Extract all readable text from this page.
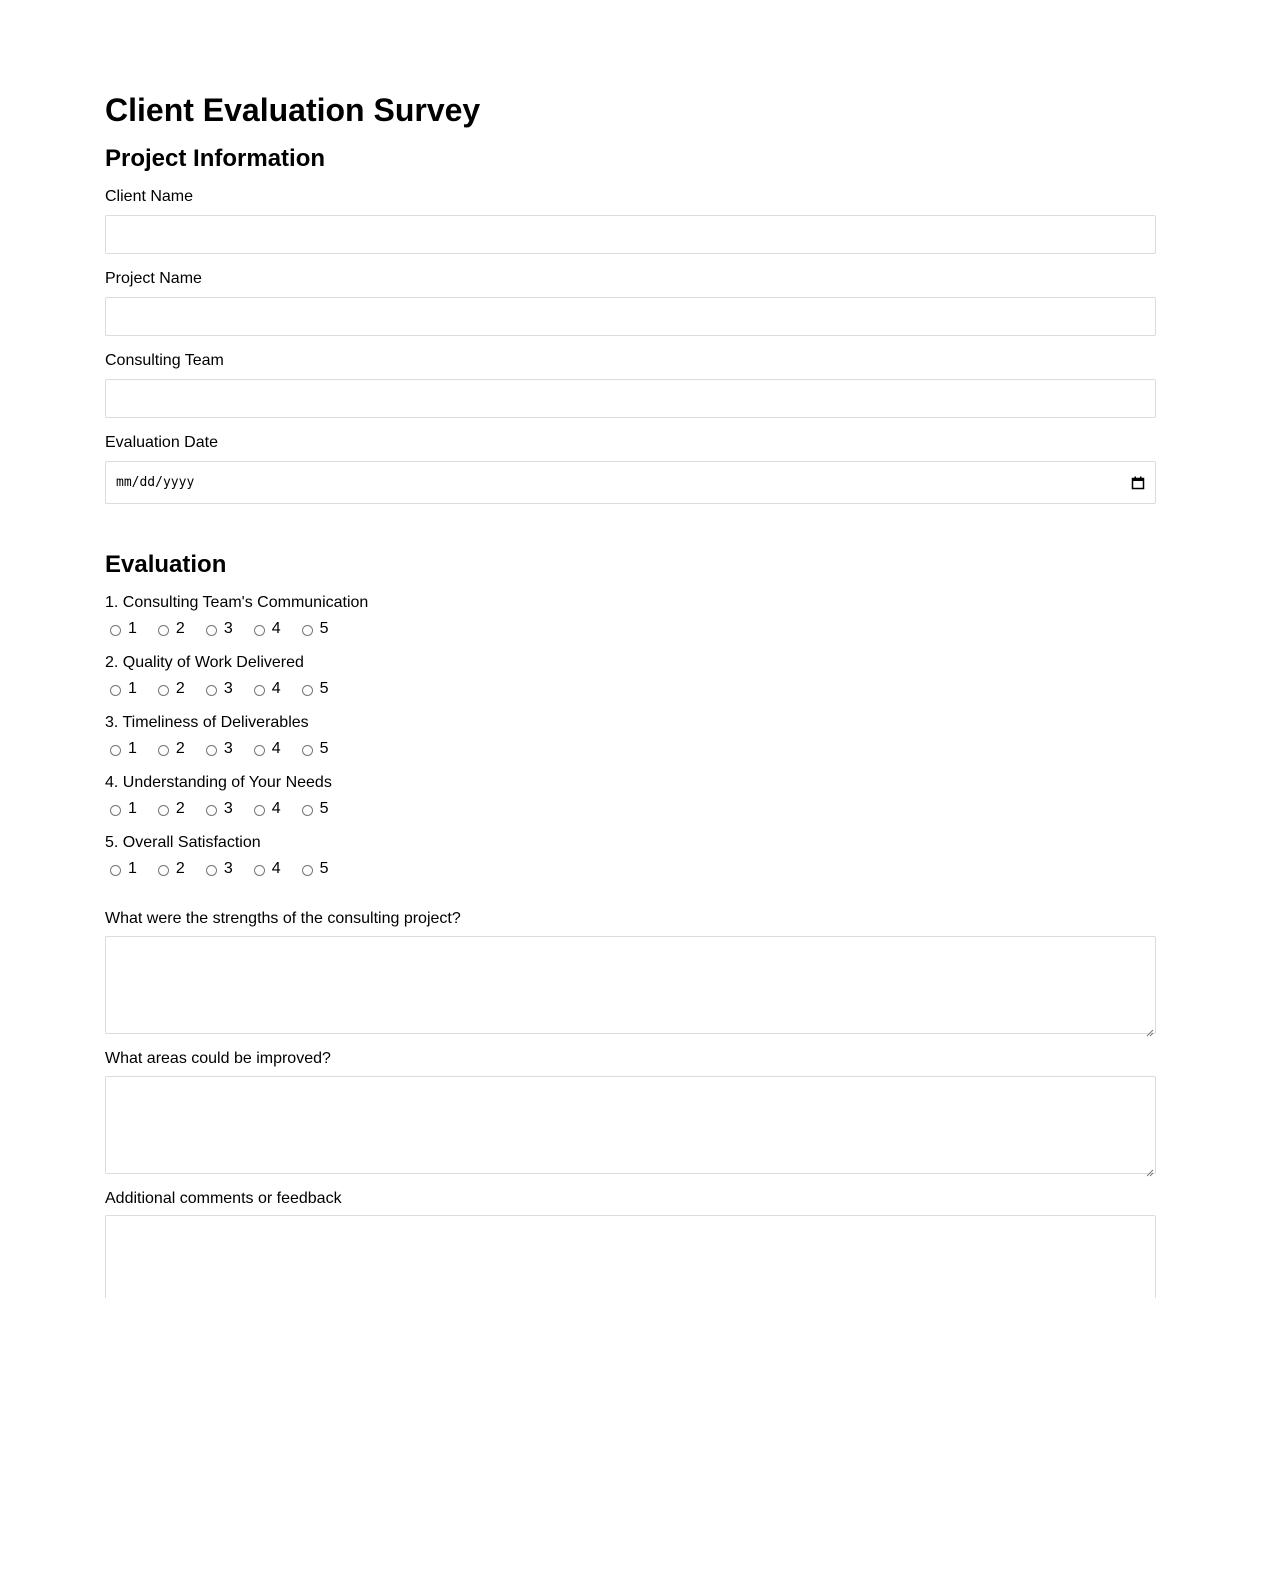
Client Evaluation Survey
Project Information
Client Name
Project Name
Consulting Team
Evaluation Date
mm/dd/yyyy
Evaluation
1. Consulting Team's Communication
1 2 3 4 5
2. Quality of Work Delivered
1 2 3 4 5
3. Timeliness of Deliverables
1 2 3 4 5
4. Understanding of Your Needs
1 2 3 4 5
5. Overall Satisfaction
1 2 3 4 5
What were the strengths of the consulting project?
What areas could be improved?
Additional comments or feedback
